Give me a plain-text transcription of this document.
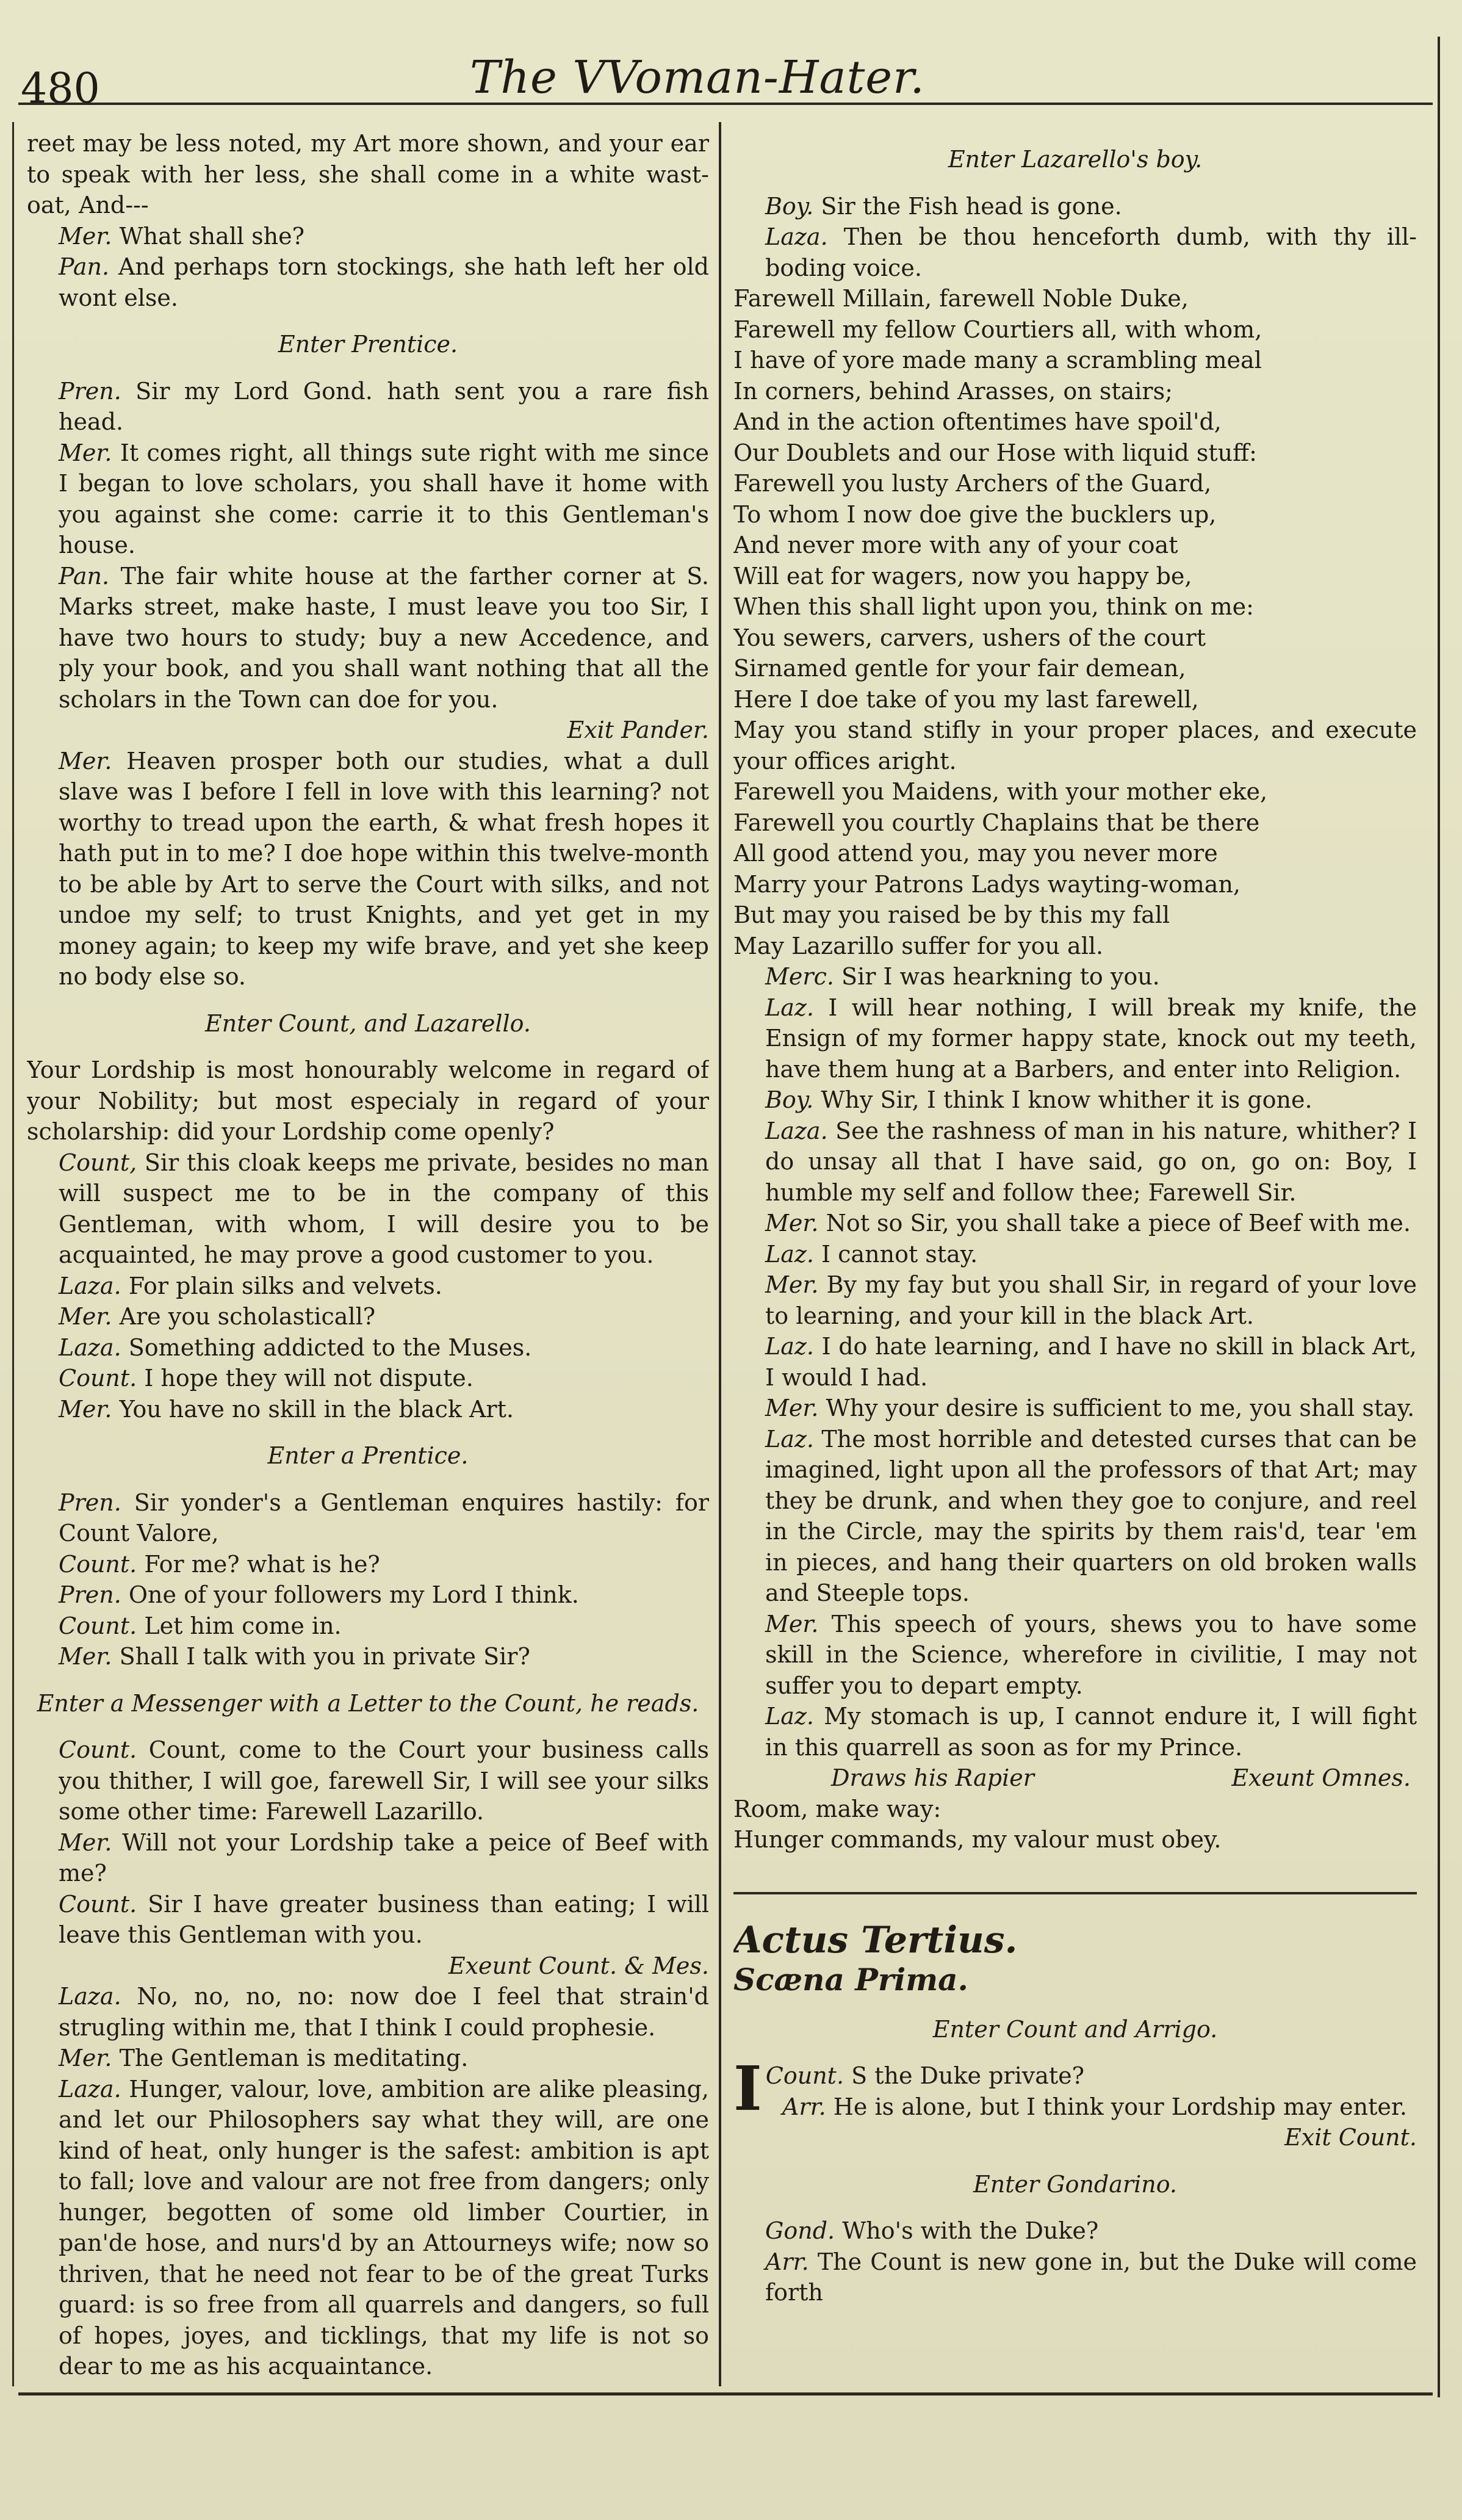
480	The VVoman-Hater.

reet may be less noted, my Art more shown, and your ear to speak with her less, she shall come in a white wast-oat, And---

Mer. What shall she?

Pan. And perhaps torn stockings, she hath left her old wont else.

Enter Prentice.

Pren. Sir my Lord Gond. hath sent you a rare fish head.

Mer. It comes right, all things sute right with me since I began to love scholars, you shall have it home with you against she come: carrie it to this Gentleman's house.

Pan. The fair white house at the farther corner at S. Marks street, make haste, I must leave you too Sir, I have two hours to study; buy a new Accedence, and ply your book, and you shall want nothing that all the scholars in the Town can doe for you.

Exit Pander.

Mer. Heaven prosper both our studies, what a dull slave was I before I fell in love with this learning? not worthy to tread upon the earth, & what fresh hopes it hath put in to me? I doe hope within this twelve-month to be able by Art to serve the Court with silks, and not undoe my self; to trust Knights, and yet get in my money again; to keep my wife brave, and yet she keep no body else so.

Enter Count, and Lazarello.

Your Lordship is most honourably welcome in regard of your Nobility; but most especialy in regard of your scholarship: did your Lordship come openly?

Count, Sir this cloak keeps me private, besides no man will suspect me to be in the company of this Gentleman, with whom, I will desire you to be acquainted, he may prove a good customer to you.

Laza. For plain silks and velvets.

Mer. Are you scholasticall?

Laza. Something addicted to the Muses.

Count. I hope they will not dispute.

Mer. You have no skill in the black Art.

Enter a Prentice.

Pren. Sir yonder's a Gentleman enquires hastily: for Count Valore,

Count. For me? what is he?

Pren. One of your followers my Lord I think.

Count. Let him come in.

Mer. Shall I talk with you in private Sir?

Enter a Messenger with a Letter to the Count, he reads.

Count. Count, come to the Court your business calls you thither, I will goe, farewell Sir, I will see your silks some other time: Farewell Lazarillo.

Mer. Will not your Lordship take a peice of Beef with me?

Count. Sir I have greater business than eating; I will leave this Gentleman with you.

Exeunt Count. & Mes.

Laza. No, no, no, no: now doe I feel that strain'd strugling within me, that I think I could prophesie.

Mer. The Gentleman is meditating.

Laza. Hunger, valour, love, ambition are alike pleasing, and let our Philosophers say what they will, are one kind of heat, only hunger is the safest: ambition is apt to fall; love and valour are not free from dangers; only hunger, begotten of some old limber Courtier, in pan'de hose, and nurs'd by an Attourneys wife; now so thriven, that he need not fear to be of the great Turks guard: is so free from all quarrels and dangers, so full of hopes, joyes, and ticklings, that my life is not so dear to me as his acquaintance.

Enter Lazarello's boy.

Boy. Sir the Fish head is gone.

Laza. Then be thou henceforth dumb, with thy ill-boding voice.

Farewell Millain, farewell Noble Duke,

Farewell my fellow Courtiers all, with whom,

I have of yore made many a scrambling meal

In corners, behind Arasses, on stairs;

And in the action oftentimes have spoil'd,

Our Doublets and our Hose with liquid stuff:

Farewell you lusty Archers of the Guard,

To whom I now doe give the bucklers up,

And never more with any of your coat

Will eat for wagers, now you happy be,

When this shall light upon you, think on me:

You sewers, carvers, ushers of the court

Sirnamed gentle for your fair demean,

Here I doe take of you my last farewell,

May you stand stifly in your proper places, and execute your offices aright.

Farewell you Maidens, with your mother eke,

Farewell you courtly Chaplains that be there

All good attend you, may you never more

Marry your Patrons Ladys wayting-woman,

But may you raised be by this my fall

May Lazarillo suffer for you all.

Merc. Sir I was hearkning to you.

Laz. I will hear nothing, I will break my knife, the Ensign of my former happy state, knock out my teeth, have them hung at a Barbers, and enter into Religion.

Boy. Why Sir, I think I know whither it is gone.

Laza. See the rashness of man in his nature, whither? I do unsay all that I have said, go on, go on: Boy, I humble my self and follow thee; Farewell Sir.

Mer. Not so Sir, you shall take a piece of Beef with me.

Laz. I cannot stay.

Mer. By my fay but you shall Sir, in regard of your love to learning, and your kill in the black Art.

Laz. I do hate learning, and I have no skill in black Art, I would I had.

Mer. Why your desire is sufficient to me, you shall stay.

Laz. The most horrible and detested curses that can be imagined, light upon all the professors of that Art; may they be drunk, and when they goe to conjure, and reel in the Circle, may the spirits by them rais'd, tear 'em in pieces, and hang their quarters on old broken walls and Steeple tops.

Mer. This speech of yours, shews you to have some skill in the Science, wherefore in civilitie, I may not suffer you to depart empty.

Laz. My stomach is up, I cannot endure it, I will fight in this quarrell as soon as for my Prince.

Draws his Rapier	Exeunt Omnes.

Room, make way:

Hunger commands, my valour must obey.

Actus Tertius.

Scæna Prima.

Enter Count and Arrigo.

Count.
I	S the Duke private?

Arr. He is alone, but I think your Lordship may enter.

Exit Count.

Enter Gondarino.

Gond. Who's with the Duke?

Arr. The Count is new gone in, but the Duke will come forth
